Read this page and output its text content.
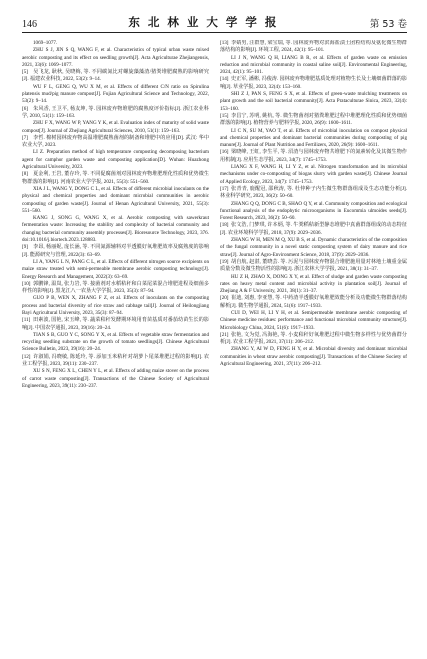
146	东 北 林 业 大 学 学 报	第 53 卷

1069–1077.

ZHU S J, JIN S Q, WANG F, et al. Characteristics of typical urban waste mixed aerobic composting and its effect on seedling growth[J]. Acta Agriculturae Zhejiangensis, 2021, 33(6): 1069–1077.

[5] 吴飞龙, 耿秋, 吴晓梅, 等. 不同碳氮比对螺旋藻藻渣/猪粪堆肥腐熟的影响研究[J]. 福建农业科技, 2022, 53(2): 9–14.

WU F L, GENG Q, WU X M, et al. Effects of different C/N ratio on Spirulina platensis mud/pig manure compost[J]. Fujian Agricultural Science and Technology, 2022, 53(2): 9–14.

[6] 朱风香, 王卫平, 杨友坤, 等. 园林废弃物堆肥的腐熟度评价指标[J]. 浙江农业科学, 2010, 51(1): 159–163.

ZHU F X, WANG W P, YANG Y K, et al. Evaluation index of maturity of solid waste compost[J]. Journal of Zhejiang Agricultural Sciences, 2010, 51(1): 159–163.

[7] 李哲. 棉树园林废弃物高温堆肥腐熟菌剂的制备和堆肥中的应用[D]. 武汉: 华中农业大学, 2023.

LI Z. Preparation method of high temperature composting decomposing bacterium agent for camphor garden waste and composting application[D]. Wuhan: Huazhong Agricultural University, 2023.

[8] 夏金利, 王岩, 董存玲, 等. 不同促腐菌剂对园林废弃物堆肥理化性质和优势微生物群落的影响[J]. 河南农业大学学报, 2021, 55(3): 551–560.

XIA J L, WANG Y, DONG C L, et al. Effects of different microbial inoculants on the physical and chemical properties and dominant microbial communities in aerobic composting of garden waste[J]. Journal of Henan Agricultural University, 2021, 55(3): 551–560.

KANG J, SONG G, WANG X, et al. Aerobic composting with sawerkraut fermentation waste: Increasing the stability and complexity of bacterial community and changing bacterial community assembly processes[J]. Bioresource Technology, 2023, 376. doi:10.1016/j.biortech.2023.128883.

[9] 李昂, 杨丽妮, 庞长涵, 等. 不同氮源辅料对半透膜好氧堆肥效率及腐熟度的影响[J]. 能源研究与管理, 2022(3): 63–69.

LI A, YANG L N, PANG C L, et al. Effects of different nitrogen source excipients on maize straw treated with semi-permeable membrane aerobic composting technology[J]. Energy Research and Management, 2022(3): 63–69.

[10] 郭鹏锋, 温岚, 张力岩, 等. 接菌剂对水稻秸秆和白菜尾菜混合堆肥进程及细菌多样性的影响[J]. 黑龙江八一农垦大学学报, 2023, 35(3): 87–94.

GUO P B, WEN X, ZHANG F Z, et al. Effects of inoculants on the composting process and bacterial diversity of rice straw and cabbage tail[J]. Journal of Heilongjiang Bayi Agricultural University, 2023, 35(3): 87–94.

[11] 田素波, 国艳, 宋玉峰, 等. 蔬菜秸秆发酵期环境用育苗基质对番茄幼苗生长的影响[J]. 中国农学通报, 2023, 39(16): 20–24.

TIAN S B, GUO Y C, SONG Y X, et al. Effects of vegetable straw fermentation and recycling seedling substrate on the growth of tomato seedlings[J]. Chinese Agricultural Science Bulletin, 2023, 39(16): 20–24.

[12] 许淑娟, 冯晓敏, 陈延玲, 等. 添加玉米秸秆对胡萝卜尾菜堆肥过程的影响[J]. 农业工程学报, 2023, 39(11): 230–237.

XU S N, FENG X L, CHEN Y L, et al. Effects of adding maize stover on the process of carrot waste composting[J]. Transactions of the Chinese Society of Agricultural Engineering, 2023, 39(11): 230–237.

[13] 李婧男, 汪群慧, 梁宝瑞, 等. 园林废弃物对滨海盐渍土团粒结构及氨化微生物群落结构的影响[J]. 环境工程, 2024, 42(1): 95–101.

LI J N, WANG Q H, LIANG B R, et al. Effects of garden waste on emission reduction and microbial community in coastal saline soil[J]. Environmental Engineering, 2024, 42(1): 95–101.

[14] 史正军, 潘彬, 冯俊涛. 园林废弃物堆肥基质处理对植物生长及土壤细菌群落的影响[J]. 草业学报, 2023, 32(4): 153–160.

SHI Z J, PAN S, FENG S X, et al. Effects of green-waste mulching treatments on plant growth and the soil bacterial community[J]. Acta Prataculturae Sinica, 2023, 32(4): 153–160.

[15] 李昌宁, 苏明, 姚杭, 等. 微生物菌剂对猪粪堆肥过程中堆肥理化性质和优势细菌群落的影响[J]. 植物营养与肥料学报, 2020, 26(9): 1600–1611.

LI C N, SU M, YAO T, et al. Effects of microbial inoculation on compost physical and chemical properties and dominant bacterial communities during composting of pig manure[J]. Journal of Plant Nutrition and Fertilizers, 2020, 26(9): 1600–1611.

[16] 梁晓峰, 王虹, 李生平, 等. 沼渣与园林废弃物共堆肥下的氮素转化及其微生物作用机制[J]. 应用生态学报, 2023, 34(7): 1745–1753.

LIANG X F, WANG H, LI Y Z, et al. Nitrogen transformation and its microbial mechanisms under co-composting of biogas slurry with garden waste[J]. Chinese Journal of Applied Ecology, 2023, 34(7): 1745–1753.

[17] 张青青, 鹿醒冠, 邵秋涛, 等. 杜仲种子内生微生物群落组成及生态功能分析[J]. 林业科学研究, 2023, 36(2): 50–60.

ZHANG Q Q, DONG C B, SHAO Q Y, et al. Community composition and ecological functional analysis of the endophytic microorganisms in Eucommia ulmoides seeds[J]. Forest Research, 2023, 36(2): 50–60.

[18] 张文浩, 门梦琪, 许本炳, 等. 牛粪稻秸新型静态堆肥中真菌群落组成的动态特征[J]. 农业环境科学学报, 2018, 37(9): 2029–2036.

ZHANG W H, MEN M Q, XU B S, et al. Dynamic characteristics of the composition of the fungal community in a novel static composting system of dairy manure and rice straw[J]. Journal of Agro-Environment Science, 2018, 37(9): 2029–2036.

[19] 胡自航, 赵湛, 董晓芸. 等. 污泥与园林废弃物混合堆肥施用量对林地土壤重金属质量分数及微生物活性的影响[J]. 浙江农林大学学报, 2021, 38(1): 31–37.

HU Z H, ZHAO X, DONG X Y, et al. Effect of sludge and garden waste composting rates on heavy metal content and microbial activity in plantation soil[J]. Journal of Zhejiang A & F University, 2021, 38(1): 31–37.

[20] 崔迪, 刘惠, 李亚慧, 等. 中药渣半透膜好氧堆肥效能分析及功能微生物群落结构解析[J]. 微生物学通报, 2024, 51(6): 1917–1933.

CUI D, WEI H, LI Y H, et al. Semipermeable membrane aerobic composting of Chinese medicine residues: performance and functional microbial community structure[J]. Microbiology China, 2024, 51(6): 1917–1933.

[21] 张艳, 文为觉, 冯海艳, 等. 小麦秸秆好氧堆肥过程中微生物多样性与优势菌群分析[J]. 农业工程学报, 2021, 37(11): 206–212.

ZHANG Y, AI W D, FENG H Y, et al. Microbial diversity and dominant microbial communities in wheat straw aerobic composting[J]. Transactions of the Chinese Society of Agricultural Engineering, 2021, 37(11): 206–212.
